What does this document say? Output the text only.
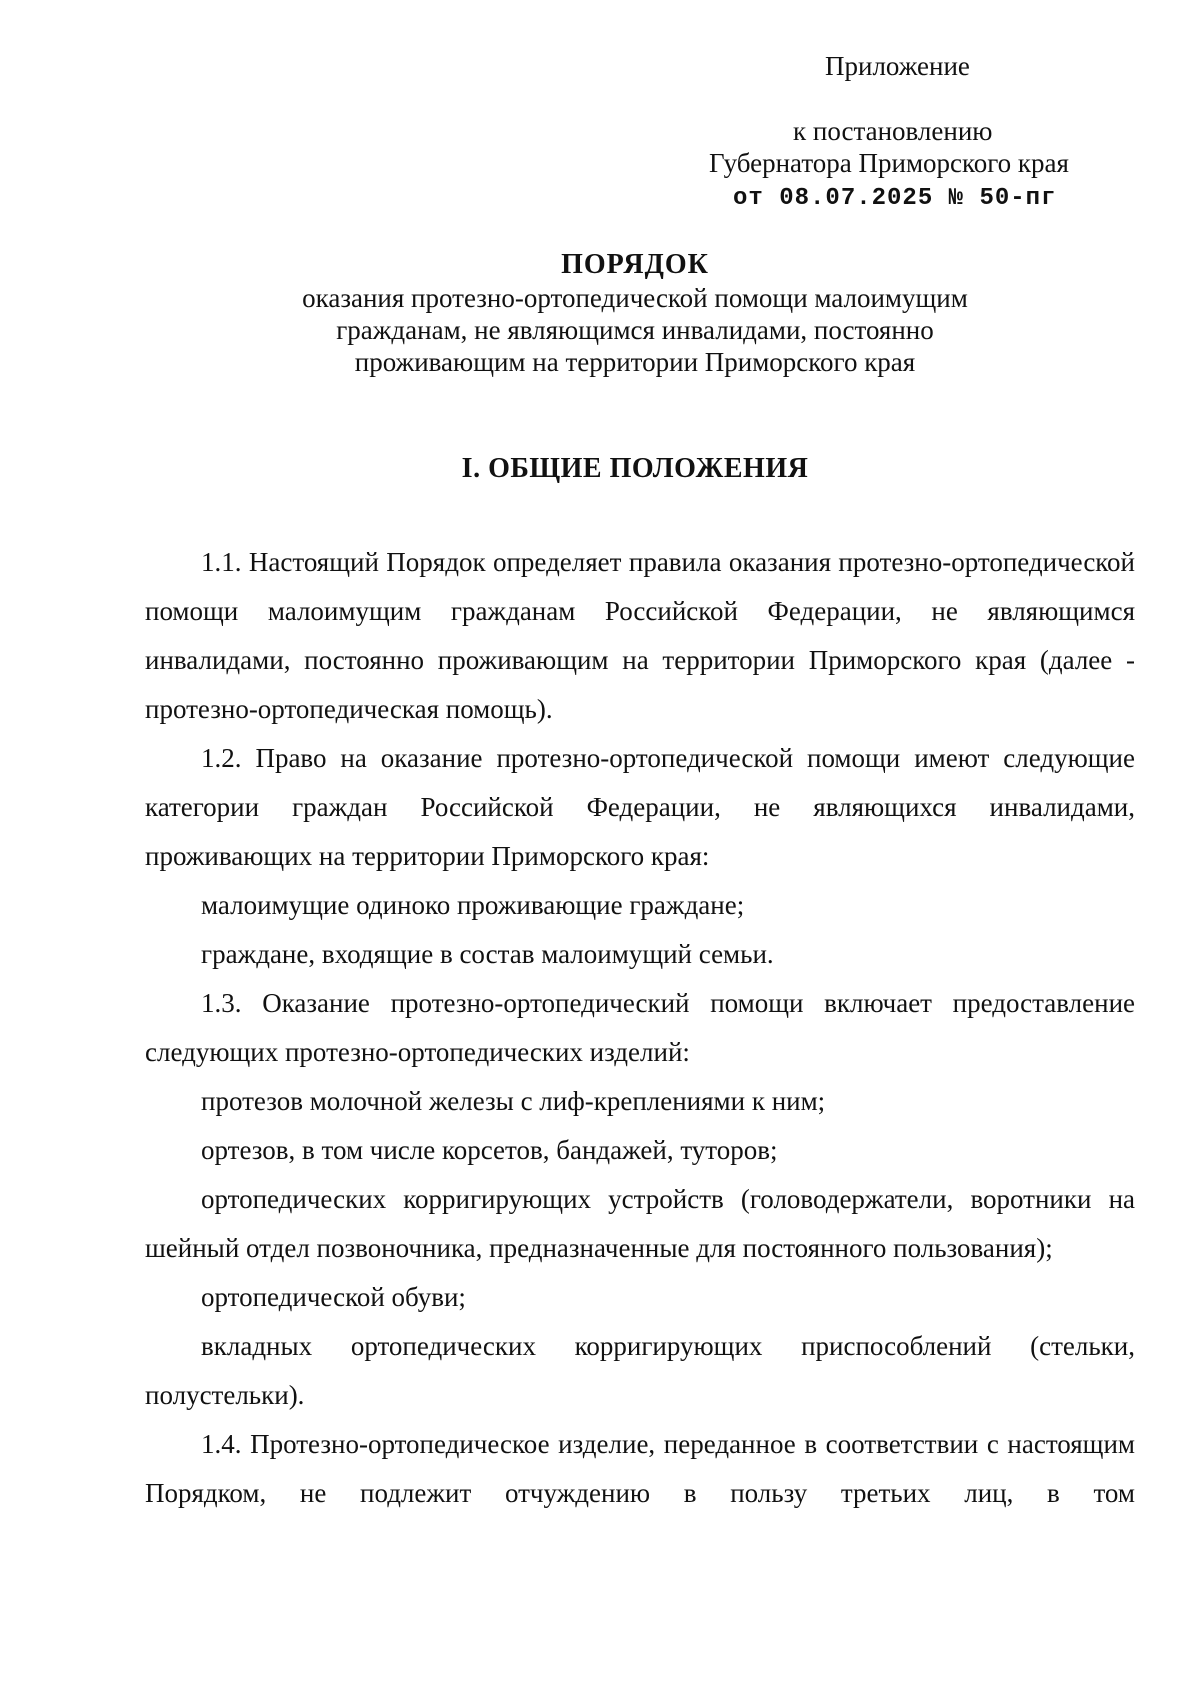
Приложение
к постановлению
Губернатора Приморского края
от 08.07.2025 № 50-пг
ПОРЯДОК
оказания протезно-ортопедической помощи малоимущим
гражданам, не являющимся инвалидами, постоянно
проживающим на территории Приморского края
I. ОБЩИЕ ПОЛОЖЕНИЯ

1.1. Настоящий Порядок определяет правила оказания протезно-ортопедической помощи малоимущим гражданам Российской Федерации, не являющимся инвалидами, постоянно проживающим на территории Приморского края (далее - протезно-ортопедическая помощь).

1.2. Право на оказание протезно-ортопедической помощи имеют следующие категории граждан Российской Федерации, не являющихся инвалидами, проживающих на территории Приморского края:

малоимущие одиноко проживающие граждане;

граждане, входящие в состав малоимущий семьи.

1.3. Оказание протезно-ортопедический помощи включает предоставление следующих протезно-ортопедических изделий:

протезов молочной железы с лиф-креплениями к ним;

ортезов, в том числе корсетов, бандажей, туторов;

ортопедических корригирующих устройств (головодержатели, воротники на шейный отдел позвоночника, предназначенные для постоянного пользования);

ортопедической обуви;

вкладных ортопедических корригирующих приспособлений (стельки, полустельки).

1.4. Протезно-ортопедическое изделие, переданное в соответствии с настоящим Порядком, не подлежит отчуждению в пользу третьих лиц, в том
